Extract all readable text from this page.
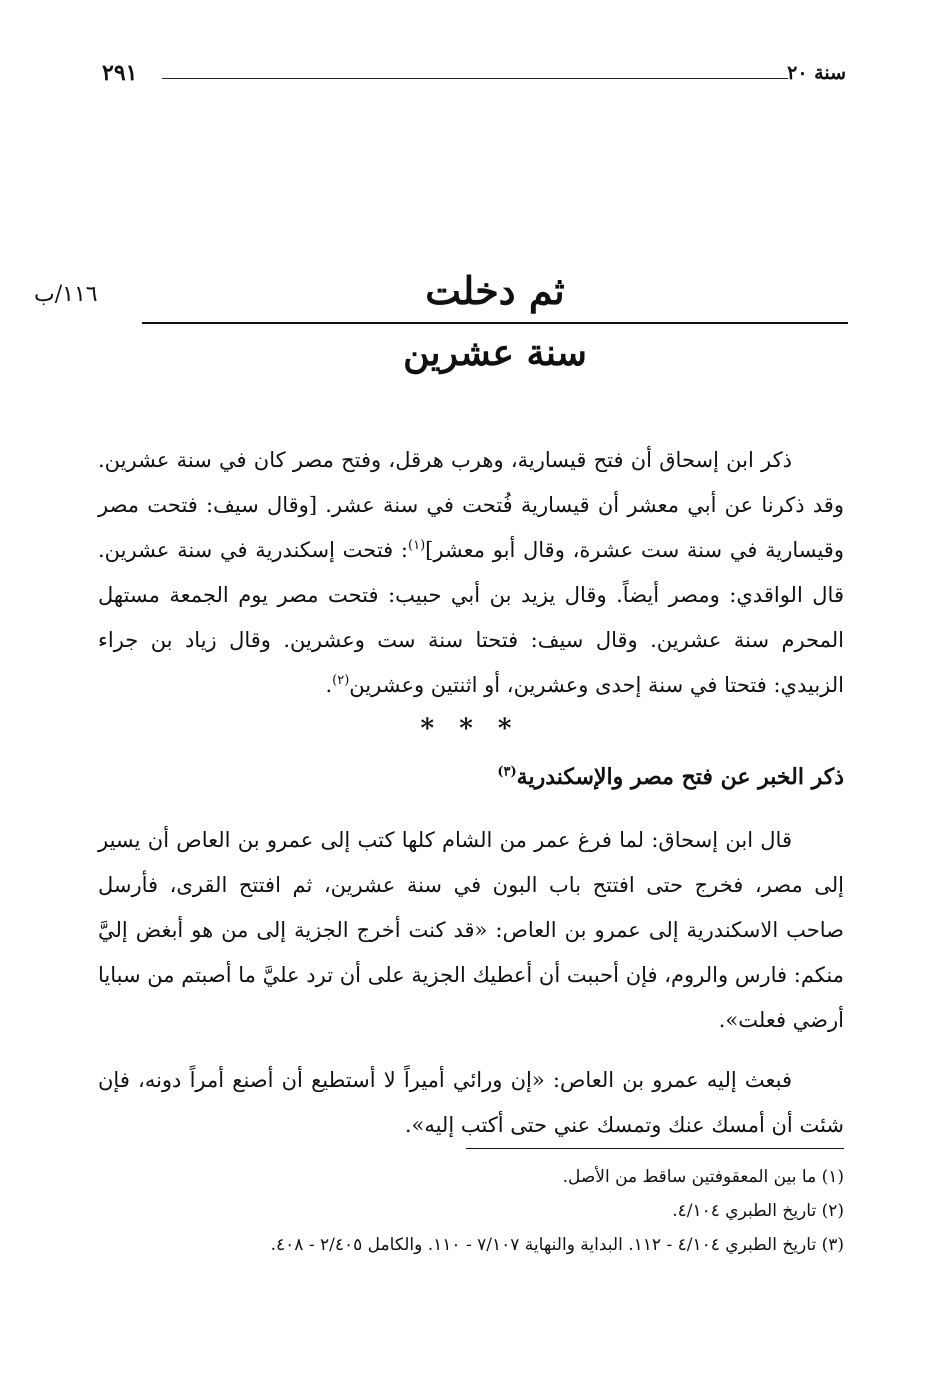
سنة ٢٠
٢٩١
١١٦/ب	ثم دخلت
سنة عشرين

ذكر ابن إسحاق أن فتح قيسارية، وهرب هرقل، وفتح مصر كان في سنة عشرين. وقد ذكرنا عن أبي معشر أن قيسارية فُتحت في سنة عشر. [وقال سيف: فتحت مصر وقيسارية في سنة ست عشرة، وقال أبو معشر]$^{(١)}$: فتحت إسكندرية في سنة عشرين. قال الواقدي: ومصر أيضاً. وقال يزيد بن أبي حبيب: فتحت مصر يوم الجمعة مستهل المحرم سنة عشرين. وقال سيف: فتحتا سنة ست وعشرين. وقال زياد بن جراء الزبيدي: فتحتا في سنة إحدى وعشرين، أو اثنتين وعشرين$^{(٢)}$.

* * *
ذكر الخبر عن فتح مصر والإسكندرية$^{(٣)}$

قال ابن إسحاق: لما فرغ عمر من الشام كلها كتب إلى عمرو بن العاص أن يسير إلى مصر، فخرج حتى افتتح باب البون في سنة عشرين، ثم افتتح القرى، فأرسل صاحب الاسكندرية إلى عمرو بن العاص: «قد كنت أخرج الجزية إلى من هو أبغض إليَّ منكم: فارس والروم، فإن أحببت أن أعطيك الجزية على أن ترد عليَّ ما أصبتم من سبايا أرضي فعلت».

فبعث إليه عمرو بن العاص: «إن ورائي أميراً لا أستطيع أن أصنع أمراً دونه، فإن شئت أن أمسك عنك وتمسك عني حتى أكتب إليه».

(١) ما بين المعقوفتين ساقط من الأصل.
(٢) تاريخ الطبري ٤/١٠٤.
(٣) تاريخ الطبري ٤/١٠٤ - ١١٢. البداية والنهاية ٧/١٠٧ - ١١٠. والكامل ٢/٤٠٥ - ٤٠٨.
